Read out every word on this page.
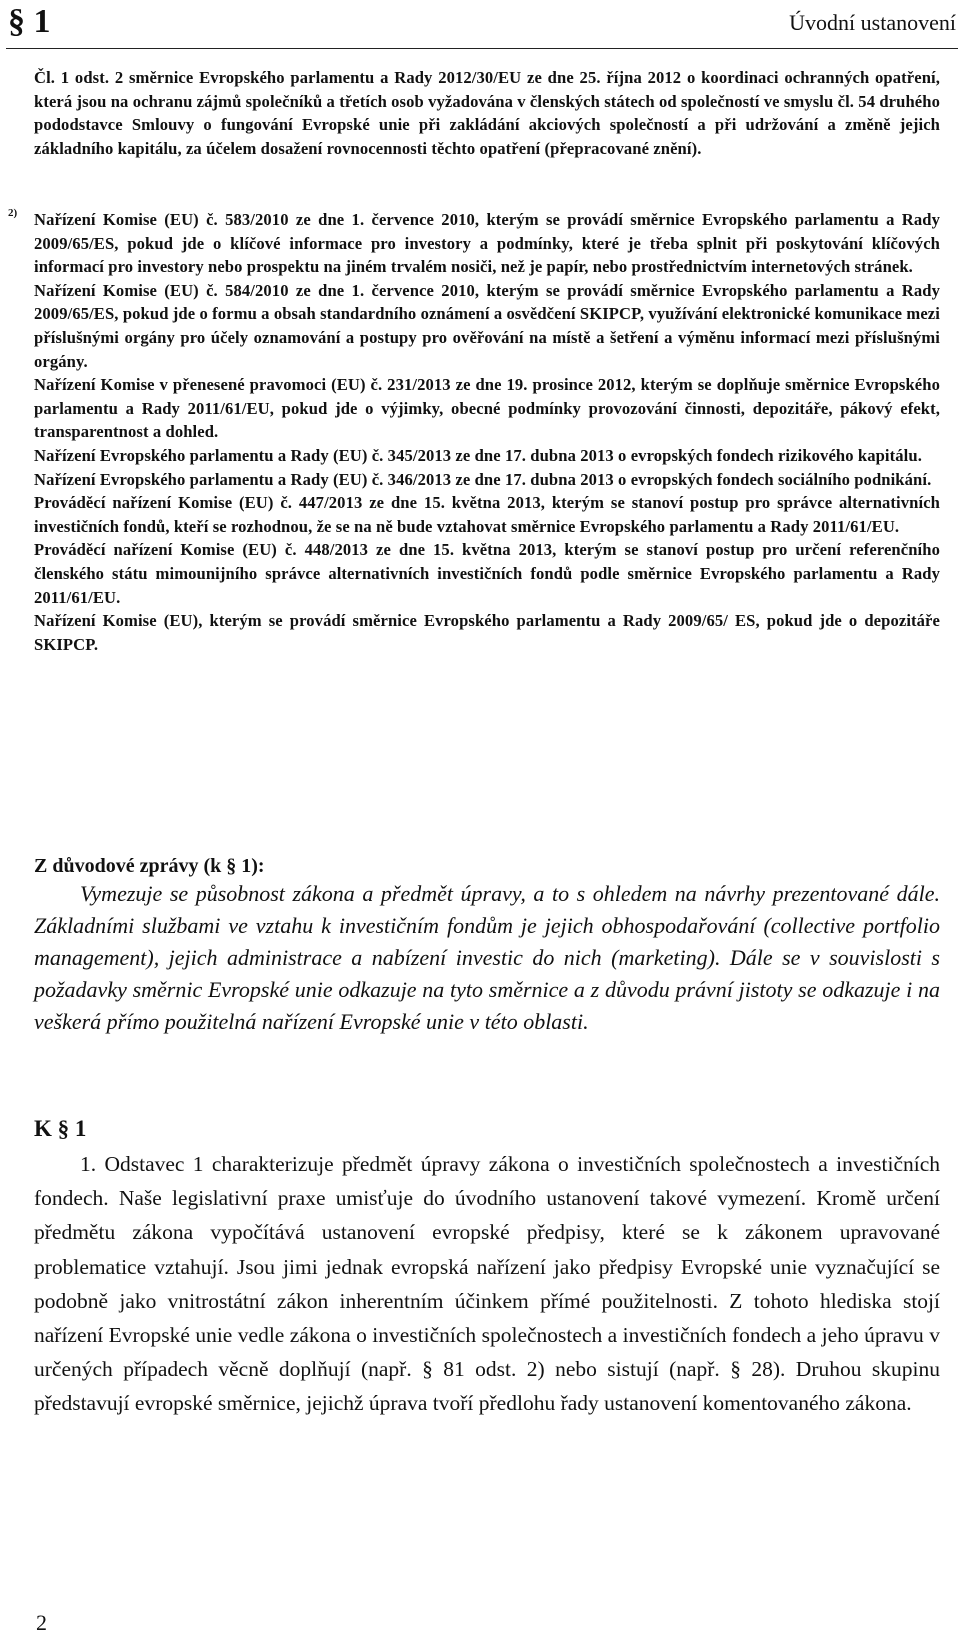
§ 1	Úvodní ustanovení

Čl. 1 odst. 2 směrnice Evropského parlamentu a Rady 2012/30/EU ze dne 25. října 2012 o koordinaci ochranných opatření, která jsou na ochranu zájmů společníků a třetích osob vyžadována v členských státech od společností ve smyslu čl. 54 druhého pododstavce Smlouvy o fungování Evropské unie při zakládání akciových společností a při udržování a změně jejich základního kapitálu, za účelem dosažení rovnocennosti těchto opatření (přepracované znění).

2) Nařízení Komise (EU) č. 583/2010 ze dne 1. července 2010, kterým se provádí směrnice Evropského parlamentu a Rady 2009/65/ES, pokud jde o klíčové informace pro investory a podmínky, které je třeba splnit při poskytování klíčových informací pro investory nebo prospektu na jiném trvalém nosiči, než je papír, nebo prostřednictvím internetových stránek.

Nařízení Komise (EU) č. 584/2010 ze dne 1. července 2010, kterým se provádí směrnice Evropského parlamentu a Rady 2009/65/ES, pokud jde o formu a obsah standardního oznámení a osvědčení SKIPCP, využívání elektronické komunikace mezi příslušnými orgány pro účely oznamování a postupy pro ověřování na místě a šetření a výměnu informací mezi příslušnými orgány.

Nařízení Komise v přenesené pravomoci (EU) č. 231/2013 ze dne 19. prosince 2012, kterým se doplňuje směrnice Evropského parlamentu a Rady 2011/61/EU, pokud jde o výjimky, obecné podmínky provozování činnosti, depozitáře, pákový efekt, transparentnost a dohled.

Nařízení Evropského parlamentu a Rady (EU) č. 345/2013 ze dne 17. dubna 2013 o evropských fondech rizikového kapitálu.

Nařízení Evropského parlamentu a Rady (EU) č. 346/2013 ze dne 17. dubna 2013 o evropských fondech sociálního podnikání.

Prováděcí nařízení Komise (EU) č. 447/2013 ze dne 15. května 2013, kterým se stanoví postup pro správce alternativních investičních fondů, kteří se rozhodnou, že se na ně bude vztahovat směrnice Evropského parlamentu a Rady 2011/61/EU.

Prováděcí nařízení Komise (EU) č. 448/2013 ze dne 15. května 2013, kterým se stanoví postup pro určení referenčního členského státu mimounijního správce alternativních investičních fondů podle směrnice Evropského parlamentu a Rady 2011/61/EU.

Nařízení Komise (EU), kterým se provádí směrnice Evropského parlamentu a Rady 2009/65/ ES, pokud jde o depozitáře SKIPCP.

Z důvodové zprávy (k § 1):

Vymezuje se působnost zákona a předmět úpravy, a to s ohledem na návrhy prezentované dále. Základními službami ve vztahu k investičním fondům je jejich obhospodařování (collective portfolio management), jejich administrace a nabízení investic do nich (marketing). Dále se v souvislosti s požadavky směrnic Evropské unie odkazuje na tyto směrnice a z důvodu právní jistoty se odkazuje i na veškerá přímo použitelná nařízení Evropské unie v této oblasti.

K § 1

1. Odstavec 1 charakterizuje předmět úpravy zákona o investičních společnostech a investičních fondech. Naše legislativní praxe umisťuje do úvodního ustanovení takové vymezení. Kromě určení předmětu zákona vypočítává ustanovení evropské předpisy, které se k zákonem upravované problematice vztahují. Jsou jimi jednak evropská nařízení jako předpisy Evropské unie vyznačující se podobně jako vnitrostátní zákon inherentním účinkem přímé použitelnosti. Z tohoto hlediska stojí nařízení Evropské unie vedle zákona o investičních společnostech a investičních fondech a jeho úpravu v určených případech věcně doplňují (např. § 81 odst. 2) nebo sistují (např. § 28). Druhou skupinu představují evropské směrnice, jejichž úprava tvoří předlohu řady ustanovení komentovaného zákona.

2
